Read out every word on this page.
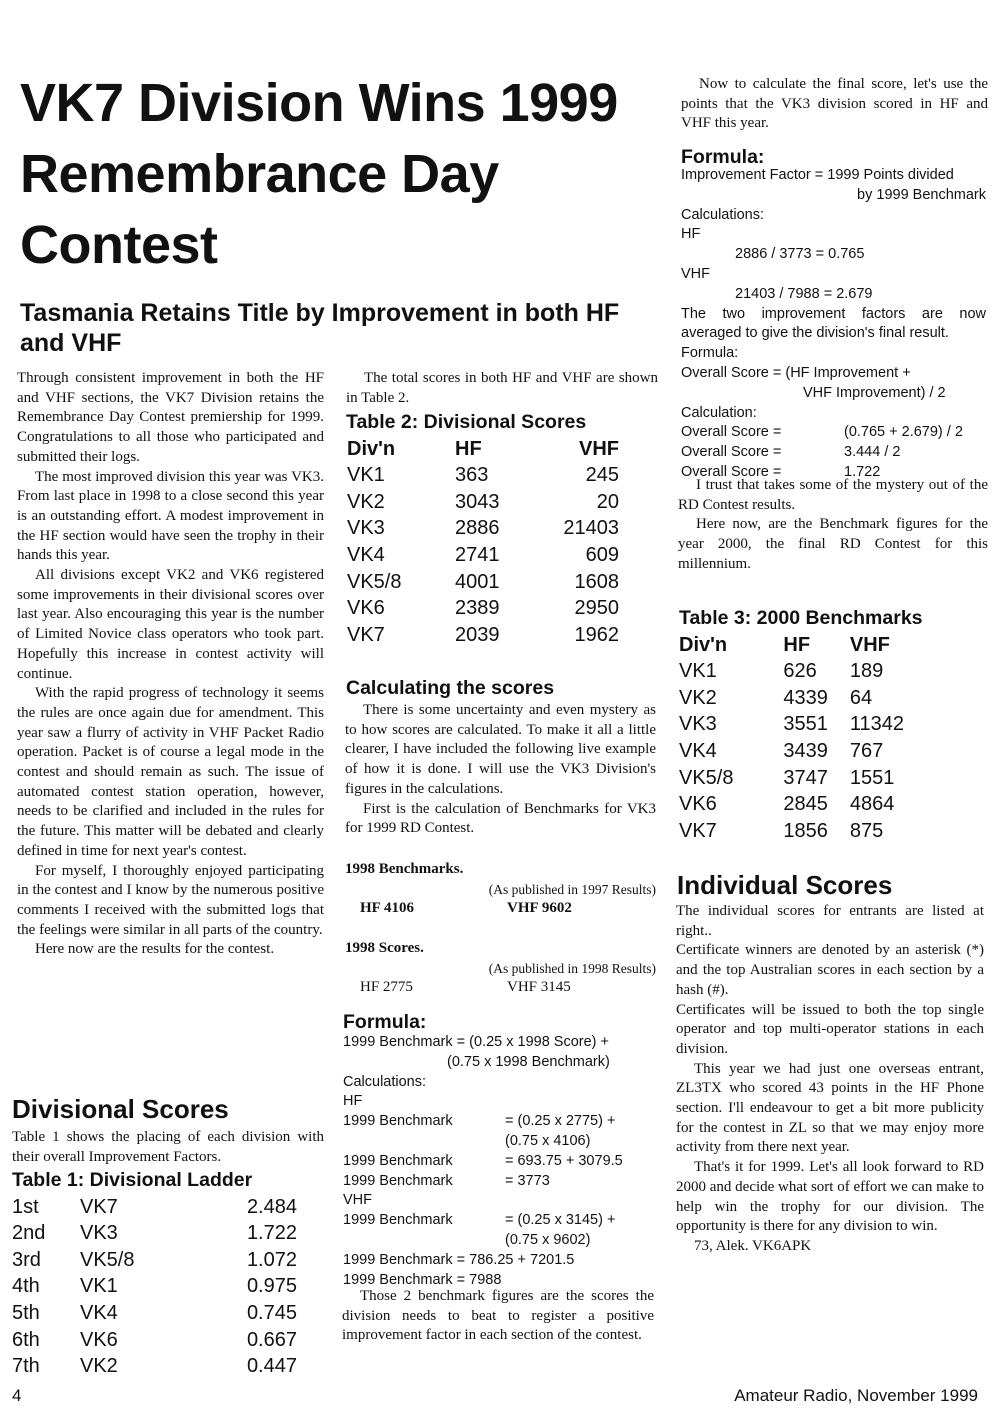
VK7 Division Wins 1999 Remembrance Day Contest
Tasmania Retains Title by Improvement in both HF and VHF

Through consistent improvement in both the HF and VHF sections, the VK7 Division retains the Remembrance Day Contest premiership for 1999. Congratulations to all those who participated and submitted their logs.

The most improved division this year was VK3. From last place in 1998 to a close second this year is an outstanding effort. A modest improvement in the HF section would have seen the trophy in their hands this year.

All divisions except VK2 and VK6 registered some improvements in their divisional scores over last year. Also encouraging this year is the number of Limited Novice class operators who took part. Hopefully this increase in contest activity will continue.

With the rapid progress of technology it seems the rules are once again due for amendment. This year saw a flurry of activity in VHF Packet Radio operation. Packet is of course a legal mode in the contest and should remain as such. The issue of automated contest station operation, however, needs to be clarified and included in the rules for the future. This matter will be debated and clearly defined in time for next year's contest.

For myself, I thoroughly enjoyed participating in the contest and I know by the numerous positive comments I received with the submitted logs that the feelings were similar in all parts of the country.

Here now are the results for the contest.

Divisional Scores

Table 1 shows the placing of each division with their overall Improvement Factors.

Table 1: Divisional Ladder
1st	VK7	2.484
2nd	VK3	1.722
3rd	VK5/8	1.072
4th	VK1	0.975
5th	VK4	0.745
6th	VK6	0.667
7th	VK2	0.447

The total scores in both HF and VHF are shown in Table 2.

Table 2: Divisional Scores
Div'n	HF	VHF
VK1	363	245
VK2	3043	20
VK3	2886	21403
VK4	2741	609
VK5/8	4001	1608
VK6	2389	2950
VK7	2039	1962
Calculating the scores

There is some uncertainty and even mystery as to how scores are calculated. To make it all a little clearer, I have included the following live example of how it is done. I will use the VK3 Division's figures in the calculations.

First is the calculation of Benchmarks for VK3 for 1999 RD Contest.

1998 Benchmarks.
(As published in 1997 Results)
HF 4106	VHF 9602
1998 Scores.
(As published in 1998 Results)
HF 2775	VHF 3145
Formula:
1999 Benchmark = (0.25 x 1998 Score) +
(0.75 x 1998 Benchmark)
Calculations:
HF
1999 Benchmark	= (0.25 x 2775) +
	(0.75 x 4106)
1999 Benchmark	= 693.75 + 3079.5
1999 Benchmark	= 3773
VHF
1999 Benchmark	= (0.25 x 3145) +
	(0.75 x 9602)
1999 Benchmark = 786.25 + 7201.5
1999 Benchmark = 7988

Those 2 benchmark figures are the scores the division needs to beat to register a positive improvement factor in each section of the contest.

Now to calculate the final score, let's use the points that the VK3 division scored in HF and VHF this year.

Formula:
Improvement Factor = 1999 Points divided
by 1999 Benchmark
Calculations:
HF
2886 / 3773 = 0.765
VHF
21403 / 7988 = 2.679
The two improvement factors are now averaged to give the division's final result.
Formula:
Overall Score = (HF Improvement +
VHF Improvement) / 2
Calculation:
Overall Score =	(0.765 + 2.679) / 2
Overall Score =	3.444 / 2
Overall Score =	1.722

I trust that takes some of the mystery out of the RD Contest results.

Here now, are the Benchmark figures for the year 2000, the final RD Contest for this millennium.

Table 3: 2000 Benchmarks
Div'n	HF	VHF
VK1	626	189
VK2	4339	64
VK3	3551	11342
VK4	3439	767
VK5/8	3747	1551
VK6	2845	4864
VK7	1856	875
Individual Scores

The individual scores for entrants are listed at right..

Certificate winners are denoted by an asterisk (*) and the top Australian scores in each section by a hash (#).

Certificates will be issued to both the top single operator and top multi-operator stations in each division.

This year we had just one overseas entrant, ZL3TX who scored 43 points in the HF Phone section. I'll endeavour to get a bit more publicity for the contest in ZL so that we may enjoy more activity from there next year.

That's it for 1999. Let's all look forward to RD 2000 and decide what sort of effort we can make to help win the trophy for our division. The opportunity is there for any division to win.

73, Alek. VK6APK

4	Amateur Radio, November 1999
